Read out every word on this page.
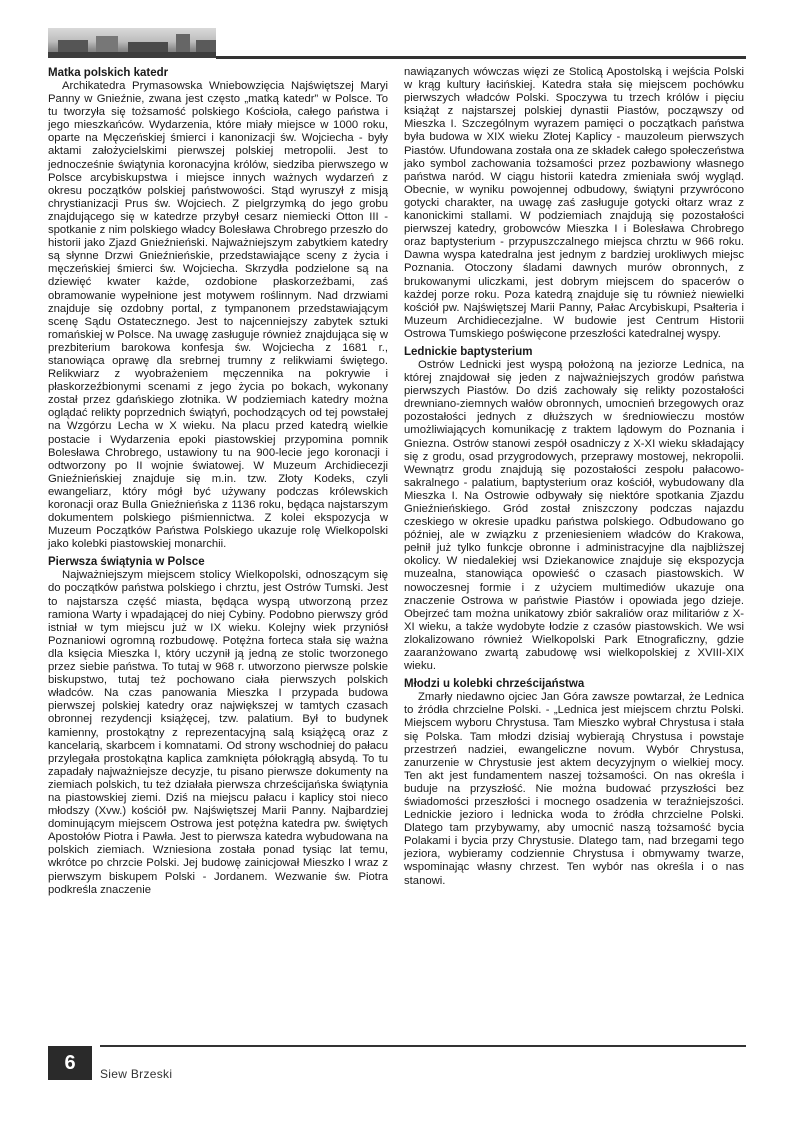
Matka polskich katedr

Archikatedra Prymasowska Wniebowzięcia Najświętszej Maryi Panny w Gnieźnie, zwana jest często „matką katedr” w Polsce. To tu tworzyła się tożsamość polskiego Kościoła, całego państwa i jego mieszkańców. Wydarzenia, które miały miejsce w 1000 roku, oparte na Męczeńskiej śmierci i kanonizacji św. Wojciecha - były aktami założycielskimi pierwszej polskiej metropolii. Jest to jednocześnie świątynia koronacyjna królów, siedziba pierwszego w Polsce arcybiskupstwa i miejsce innych ważnych wydarzeń z okresu początków polskiej państwowości. Stąd wyruszył z misją chrystianizacji Prus św. Wojciech. Z pielgrzymką do jego grobu znajdującego się w katedrze przybył cesarz niemiecki Otton III - spotkanie z nim polskiego władcy Bolesława Chrobrego przeszło do historii jako Zjazd Gnieźnieński. Najważniejszym zabytkiem katedry są słynne Drzwi Gnieźnieńskie, przedstawiające sceny z życia i męczeńskiej śmierci św. Wojciecha. Skrzydła podzielone są na dziewięć kwater każde, ozdobione płaskorzeźbami, zaś obramowanie wypełnione jest motywem roślinnym. Nad drzwiami znajduje się ozdobny portal, z tympanonem przedstawiającym scenę Sądu Ostatecznego. Jest to najcenniejszy zabytek sztuki romańskiej w Polsce. Na uwagę zasługuje również znajdująca się w prezbiterium barokowa konfesja św. Wojciecha z 1681 r., stanowiąca oprawę dla srebrnej trumny z relikwiami świętego. Relikwiarz z wyobrażeniem męczennika na pokrywie i płaskorzeźbionymi scenami z jego życia po bokach, wykonany został przez gdańskiego złotnika. W podziemiach katedry można oglądać relikty poprzednich świątyń, pochodzących od tej powstałej na Wzgórzu Lecha w X wieku. Na placu przed katedrą wielkie postacie i Wydarzenia epoki piastowskiej przypomina pomnik Bolesława Chrobrego, ustawiony tu na 900-lecie jego koronacji i odtworzony po II wojnie światowej. W Muzeum Archidiecezji Gnieźnieńskiej znajduje się m.in. tzw. Złoty Kodeks, czyli ewangeliarz, który mógł być używany podczas królewskich koronacji oraz Bulla Gnieźnieńska z 1136 roku, będąca najstarszym dokumentem polskiego piśmiennictwa. Z kolei ekspozycja w Muzeum Początków Państwa Polskiego ukazuje rolę Wielkopolski jako kolebki piastowskiej monarchii.

Pierwsza świątynia w Polsce

Najważniejszym miejscem stolicy Wielkopolski, odnoszącym się do początków państwa polskiego i chrztu, jest Ostrów Tumski. Jest to najstarsza część miasta, będąca wyspą utworzoną przez ramiona Warty i wpadającej do niej Cybiny. Podobno pierwszy gród istniał w tym miejscu już w IX wieku. Kolejny wiek przyniósł Poznaniowi ogromną rozbudowę. Potężna forteca stała się ważna dla księcia Mieszka I, który uczynił ją jedną ze stolic tworzonego przez siebie państwa. To tutaj w 968 r. utworzono pierwsze polskie biskupstwo, tutaj też pochowano ciała pierwszych polskich władców. Na czas panowania Mieszka I przypada budowa pierwszej polskiej katedry oraz największej w tamtych czasach obronnej rezydencji książęcej, tzw. palatium. Był to budynek kamienny, prostokątny z reprezentacyjną salą książęcą oraz z kancelarią, skarbcem i komnatami. Od strony wschodniej do pałacu przylegała prostokątna kaplica zamknięta półokrągłą absydą. To tu zapadały najważniejsze decyzje, tu pisano pierwsze dokumenty na ziemiach polskich, tu też działała pierwsza chrześcijańska świątynia na piastowskiej ziemi. Dziś na miejscu pałacu i kaplicy stoi nieco młodszy (Xvw.) kościół pw. Najświętszej Marii Panny. Najbardziej dominującym miejscem Ostrowa jest potężna katedra pw. świętych Apostołów Piotra i Pawła. Jest to pierwsza katedra wybudowana na polskich ziemiach. Wzniesiona została ponad tysiąc lat temu, wkrótce po chrzcie Polski. Jej budowę zainicjował Mieszko I wraz z pierwszym biskupem Polski - Jordanem. Wezwanie św. Piotra podkreśla znaczenie

nawiązanych wówczas więzi ze Stolicą Apostolską i wejścia Polski w krąg kultury łacińskiej. Katedra stała się miejscem pochówku pierwszych władców Polski. Spoczywa tu trzech królów i pięciu książąt z najstarszej polskiej dynastii Piastów, począwszy od Mieszka I. Szczególnym wyrazem pamięci o początkach państwa była budowa w XIX wieku Złotej Kaplicy - mauzoleum pierwszych Piastów. Ufundowana została ona ze składek całego społeczeństwa jako symbol zachowania tożsamości przez pozbawiony własnego państwa naród. W ciągu historii katedra zmieniała swój wygląd. Obecnie, w wyniku powojennej odbudowy, świątyni przywrócono gotycki charakter, na uwagę zaś zasługuje gotycki ołtarz wraz z kanonickimi stallami. W podziemiach znajdują się pozostałości pierwszej katedry, grobowców Mieszka I i Bolesława Chrobrego oraz baptysterium - przypuszczalnego miejsca chrztu w 966 roku. Dawna wyspa katedralna jest jednym z bardziej urokliwych miejsc Poznania. Otoczony śladami dawnych murów obronnych, z brukowanymi uliczkami, jest dobrym miejscem do spacerów o każdej porze roku. Poza katedrą znajduje się tu również niewielki kościół pw. Najświętszej Marii Panny, Pałac Arcybiskupi, Psałteria i Muzeum Archidiecezjalne. W budowie jest Centrum Historii Ostrowa Tumskiego poświęcone przeszłości katedralnej wyspy.

Lednickie baptysterium

Ostrów Lednicki jest wyspą położoną na jeziorze Lednica, na której znajdował się jeden z najważniejszych grodów państwa pierwszych Piastów. Do dziś zachowały się relikty pozostałości drewniano-ziemnych wałów obronnych, umocnień brzegowych oraz pozostałości jednych z dłuższych w średniowieczu mostów umożliwiających komunikację z traktem lądowym do Poznania i Gniezna. Ostrów stanowi zespół osadniczy z X-XI wieku składający się z grodu, osad przygrodowych, przeprawy mostowej, nekropolii. Wewnątrz grodu znajdują się pozostałości zespołu pałacowo-sakralnego - palatium, baptysterium oraz kościół, wybudowany dla Mieszka I. Na Ostrowie odbywały się niektóre spotkania Zjazdu Gnieźnieńskiego. Gród został zniszczony podczas najazdu czeskiego w okresie upadku państwa polskiego. Odbudowano go później, ale w związku z przeniesieniem władców do Krakowa, pełnił już tylko funkcje obronne i administracyjne dla najbliższej okolicy. W niedalekiej wsi Dziekanowice znajduje się ekspozycja muzealna, stanowiąca opowieść o czasach piastowskich. W nowoczesnej formie i z użyciem multimediów ukazuje ona znaczenie Ostrowa w państwie Piastów i opowiada jego dzieje. Obejrzeć tam można unikatowy zbiór sakraliów oraz militariów z X-XI wieku, a także wydobyte łodzie z czasów piastowskich. We wsi zlokalizowano również Wielkopolski Park Etnograficzny, gdzie zaaranżowano zwartą zabudowę wsi wielkopolskiej z XVIII-XIX wieku.

Młodzi u kolebki chrześcijaństwa

Zmarły niedawno ojciec Jan Góra zawsze powtarzał, że Lednica to źródła chrzcielne Polski. - „Lednica jest miejscem chrztu Polski. Miejscem wyboru Chrystusa. Tam Mieszko wybrał Chrystusa i stała się Polska. Tam młodzi dzisiaj wybierają Chrystusa i powstaje przestrzeń nadziei, ewangeliczne novum. Wybór Chrystusa, zanurzenie w Chrystusie jest aktem decyzyjnym o wielkiej mocy. Ten akt jest fundamentem naszej tożsamości. On nas określa i buduje na przyszłość. Nie można budować przyszłości bez świadomości przeszłości i mocnego osadzenia w teraźniejszości. Lednickie jezioro i lednicka woda to źródła chrzcielne Polski. Dlatego tam przybywamy, aby umocnić naszą tożsamość bycia Polakami i bycia przy Chrystusie. Dlatego tam, nad brzegami tego jeziora, wybieramy codziennie Chrystusa i obmywamy twarze, wspominając własny chrzest. Ten wybór nas określa i o nas stanowi.

6	Siew Brzeski
